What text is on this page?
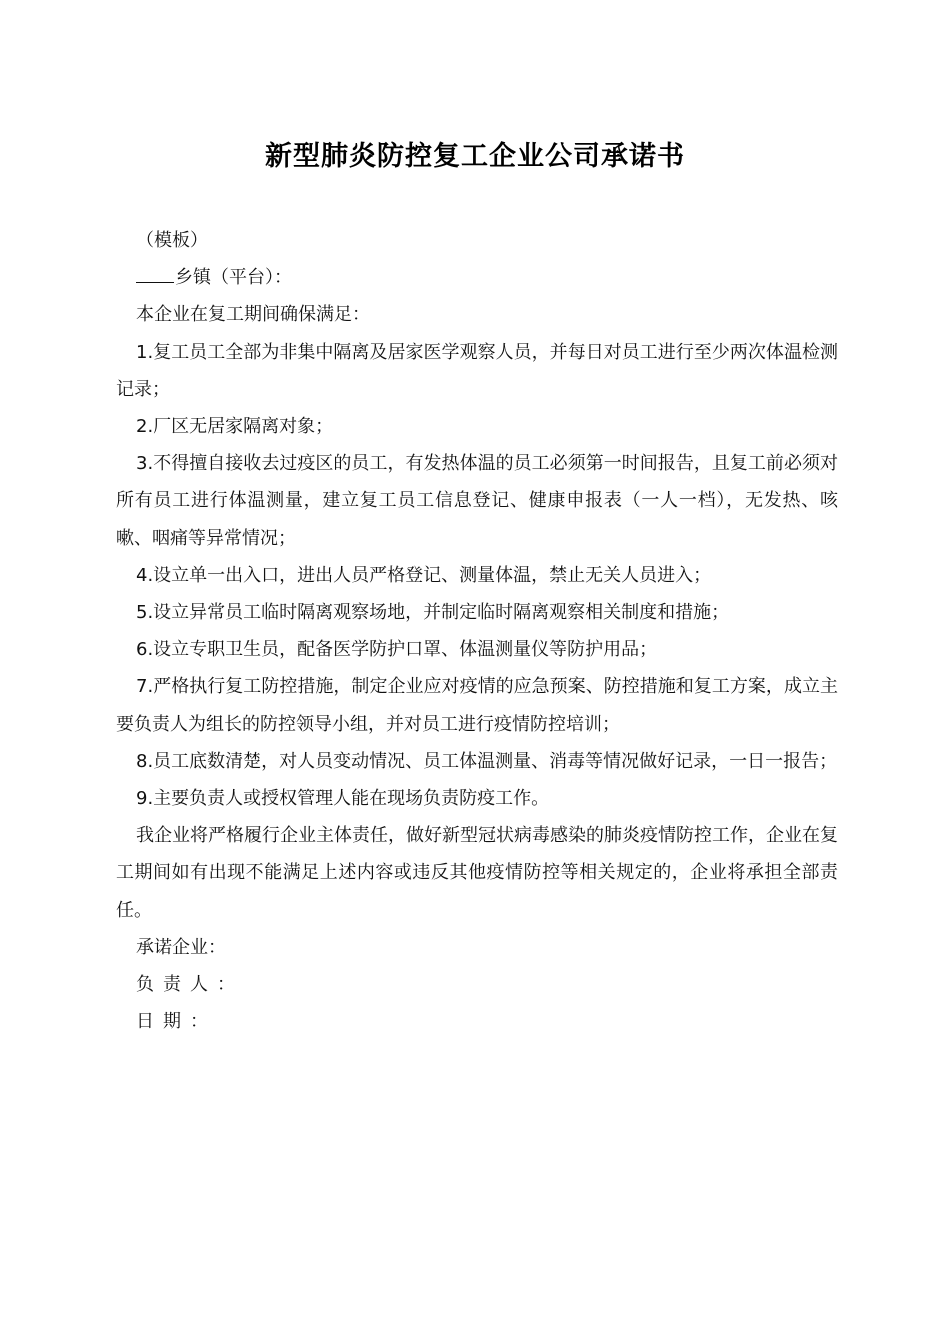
新型肺炎防控复工企业公司承诺书

（模板）

乡镇（平台）：

本企业在复工期间确保满足：

1.复工员工全部为非集中隔离及居家医学观察人员，并每日对员工进行至少两次体温检测记录；

2.厂区无居家隔离对象；

3.不得擅自接收去过疫区的员工，有发热体温的员工必须第一时间报告，且复工前必须对所有员工进行体温测量，建立复工员工信息登记、健康申报表（一人一档），无发热、咳嗽、咽痛等异常情况；

4.设立单一出入口，进出人员严格登记、测量体温，禁止无关人员进入；

5.设立异常员工临时隔离观察场地，并制定临时隔离观察相关制度和措施；

6.设立专职卫生员，配备医学防护口罩、体温测量仪等防护用品；

7.严格执行复工防控措施，制定企业应对疫情的应急预案、防控措施和复工方案，成立主要负责人为组长的防控领导小组，并对员工进行疫情防控培训；

8.员工底数清楚，对人员变动情况、员工体温测量、消毒等情况做好记录，一日一报告；

9.主要负责人或授权管理人能在现场负责防疫工作。

我企业将严格履行企业主体责任，做好新型冠状病毒感染的肺炎疫情防控工作，企业在复工期间如有出现不能满足上述内容或违反其他疫情防控等相关规定的，企业将承担全部责任。

承诺企业：

负责人：

日期：
